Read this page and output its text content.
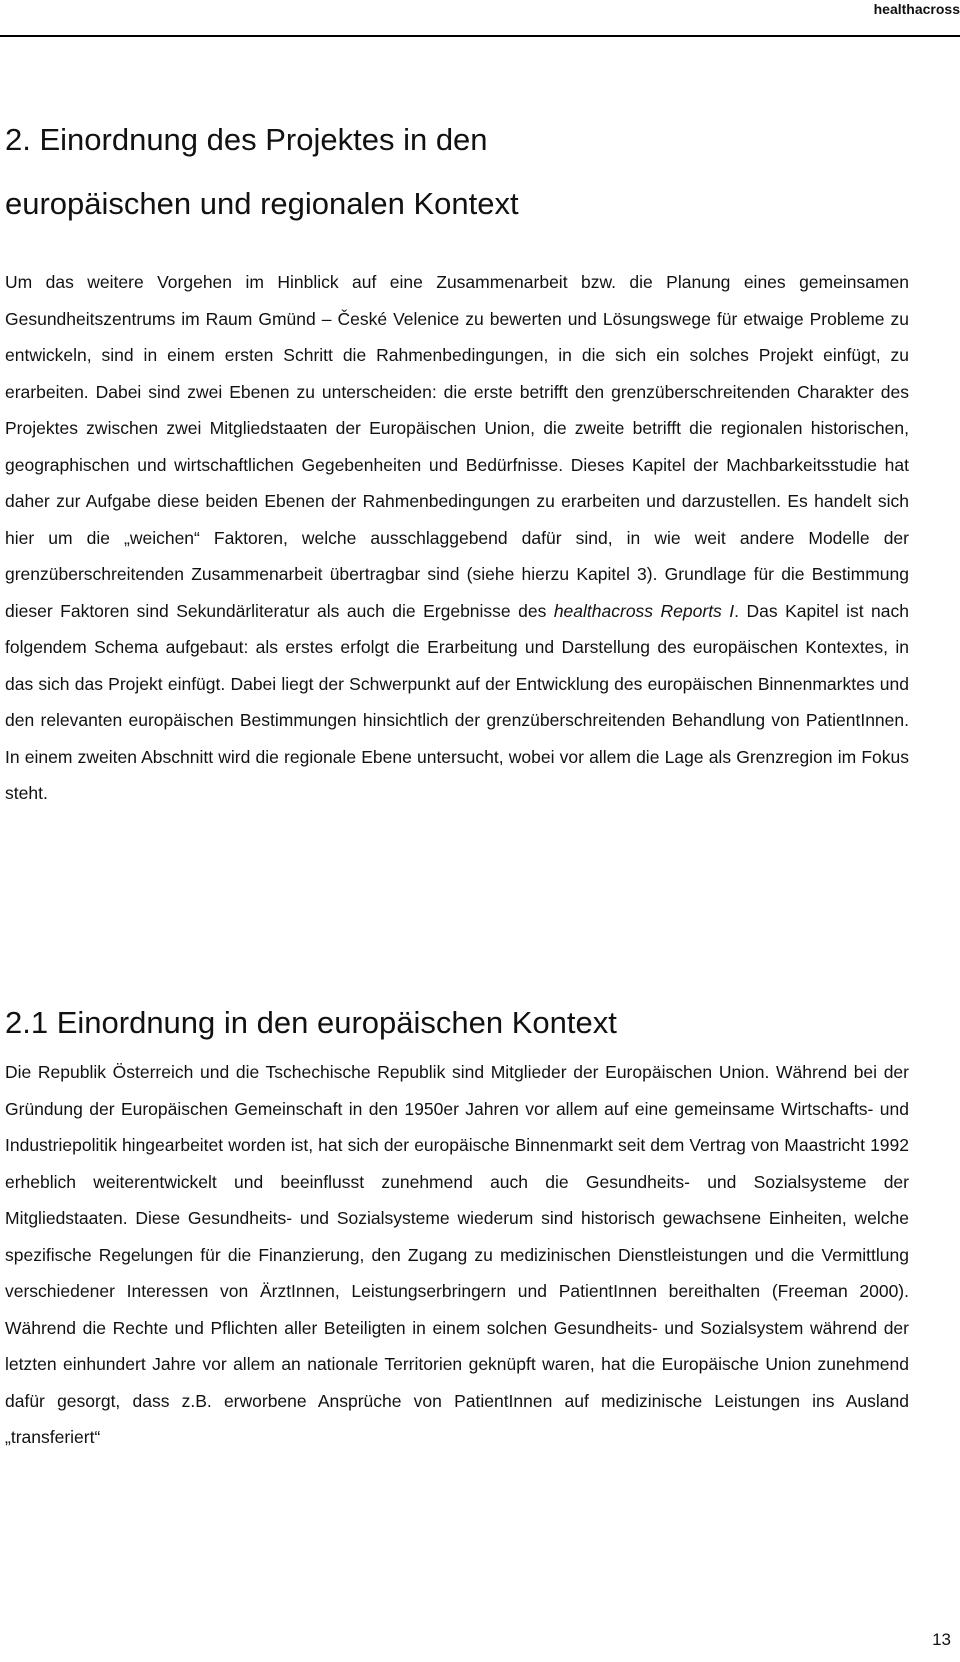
healthacross
2. Einordnung des Projektes in den
europäischen und regionalen Kontext

Um das weitere Vorgehen im Hinblick auf eine Zusammenarbeit bzw. die Planung eines gemeinsamen Gesundheitszentrums im Raum Gmünd – České Velenice zu bewerten und Lösungswege für etwaige Probleme zu entwickeln, sind in einem ersten Schritt die Rahmenbedingungen, in die sich ein solches Projekt einfügt, zu erarbeiten. Dabei sind zwei Ebenen zu unterscheiden: die erste betrifft den grenzüberschreitenden Charakter des Projektes zwischen zwei Mitgliedstaaten der Europäischen Union, die zweite betrifft die regionalen historischen, geographischen und wirtschaftlichen Gegebenheiten und Bedürfnisse. Dieses Kapitel der Machbarkeitsstudie hat daher zur Aufgabe diese beiden Ebenen der Rahmenbedingungen zu erarbeiten und darzustellen. Es handelt sich hier um die „weichen“ Faktoren, welche ausschlaggebend dafür sind, in wie weit andere Modelle der grenzüberschreitenden Zusammenarbeit übertragbar sind (siehe hierzu Kapitel 3). Grundlage für die Bestimmung dieser Faktoren sind Sekundärliteratur als auch die Ergebnisse des healthacross Reports I. Das Kapitel ist nach folgendem Schema aufgebaut: als erstes erfolgt die Erarbeitung und Darstellung des europäischen Kontextes, in das sich das Projekt einfügt. Dabei liegt der Schwerpunkt auf der Entwicklung des europäischen Binnenmarktes und den relevanten europäischen Bestimmungen hinsichtlich der grenzüberschreitenden Behandlung von PatientInnen. In einem zweiten Abschnitt wird die regionale Ebene untersucht, wobei vor allem die Lage als Grenzregion im Fokus steht.

2.1 Einordnung in den europäischen Kontext

Die Republik Österreich und die Tschechische Republik sind Mitglieder der Europäischen Union. Während bei der Gründung der Europäischen Gemeinschaft in den 1950er Jahren vor allem auf eine gemeinsame Wirtschafts- und Industriepolitik hingearbeitet worden ist, hat sich der europäische Binnenmarkt seit dem Vertrag von Maastricht 1992 erheblich weiterentwickelt und beeinflusst zunehmend auch die Gesundheits- und Sozialsysteme der Mitgliedstaaten. Diese Gesundheits- und Sozialsysteme wiederum sind historisch gewachsene Einheiten, welche spezifische Regelungen für die Finanzierung, den Zugang zu medizinischen Dienstleistungen und die Vermittlung verschiedener Interessen von ÄrztInnen, Leistungserbringern und PatientInnen bereithalten (Freeman 2000). Während die Rechte und Pflichten aller Beteiligten in einem solchen Gesundheits- und Sozialsystem während der letzten einhundert Jahre vor allem an nationale Territorien geknüpft waren, hat die Europäische Union zunehmend dafür gesorgt, dass z.B. erworbene Ansprüche von PatientInnen auf medizinische Leistungen ins Ausland „transferiert“

13
